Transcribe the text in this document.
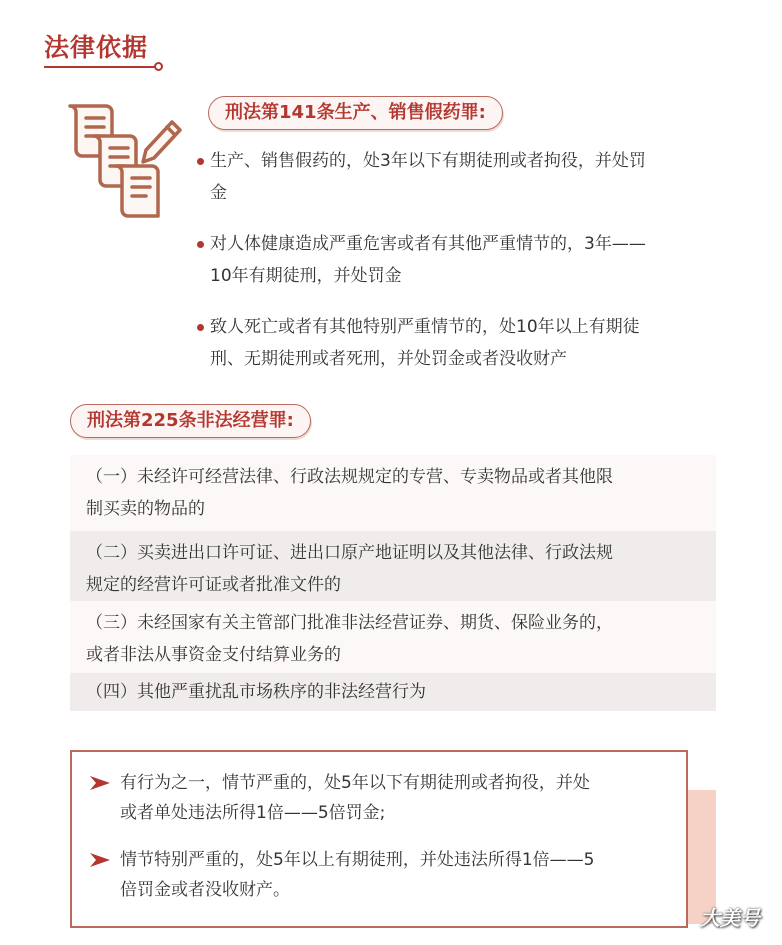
法律依据
刑法第141条生产、销售假药罪:
生产、销售假药的，处3年以下有期徒刑或者拘役，并处罚
金
对人体健康造成严重危害或者有其他严重情节的，3年——
10年有期徒刑，并处罚金
致人死亡或者有其他特别严重情节的，处10年以上有期徒
刑、无期徒刑或者死刑，并处罚金或者没收财产
刑法第225条非法经营罪:
（一）未经许可经营法律、行政法规规定的专营、专卖物品或者其他限
制买卖的物品的
（二）买卖进出口许可证、进出口原产地证明以及其他法律、行政法规
规定的经营许可证或者批准文件的
（三）未经国家有关主管部门批准非法经营证券、期货、保险业务的，
或者非法从事资金支付结算业务的
（四）其他严重扰乱市场秩序的非法经营行为
有行为之一，情节严重的，处5年以下有期徒刑或者拘役，并处
或者单处违法所得1倍——5倍罚金;
情节特别严重的，处5年以上有期徒刑，并处违法所得1倍——5
倍罚金或者没收财产。
大美号
